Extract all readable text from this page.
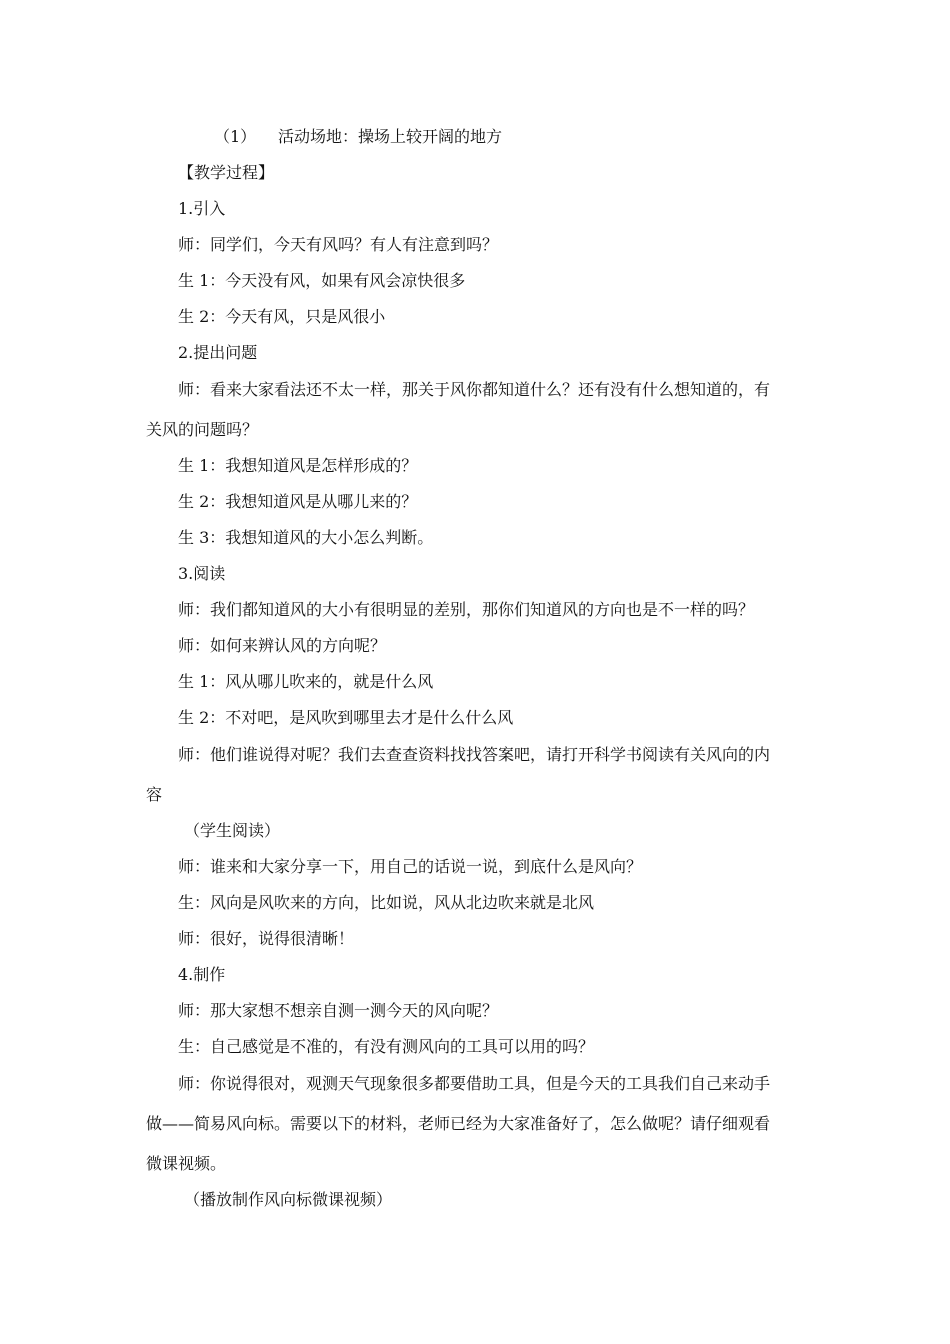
（1） 活动场地：操场上较开阔的地方
【教学过程】
1.引入
师：同学们，今天有风吗？有人有注意到吗？
生 1：今天没有风，如果有风会凉快很多
生 2：今天有风，只是风很小
2.提出问题
师：看来大家看法还不太一样，那关于风你都知道什么？还有没有什么想知道的，有
关风的问题吗？
生 1：我想知道风是怎样形成的？
生 2：我想知道风是从哪儿来的？
生 3：我想知道风的大小怎么判断。
3.阅读
师：我们都知道风的大小有很明显的差别，那你们知道风的方向也是不一样的吗？
师：如何来辨认风的方向呢？
生 1：风从哪儿吹来的，就是什么风
生 2：不对吧，是风吹到哪里去才是什么什么风
师：他们谁说得对呢？我们去查查资料找找答案吧，请打开科学书阅读有关风向的内
容
（学生阅读）
师：谁来和大家分享一下，用自己的话说一说，到底什么是风向？
生：风向是风吹来的方向，比如说，风从北边吹来就是北风
师：很好，说得很清晰！
4.制作
师：那大家想不想亲自测一测今天的风向呢？
生：自己感觉是不准的，有没有测风向的工具可以用的吗？
师：你说得很对，观测天气现象很多都要借助工具，但是今天的工具我们自己来动手
做——简易风向标。需要以下的材料，老师已经为大家准备好了，怎么做呢？请仔细观看
微课视频。
（播放制作风向标微课视频）
